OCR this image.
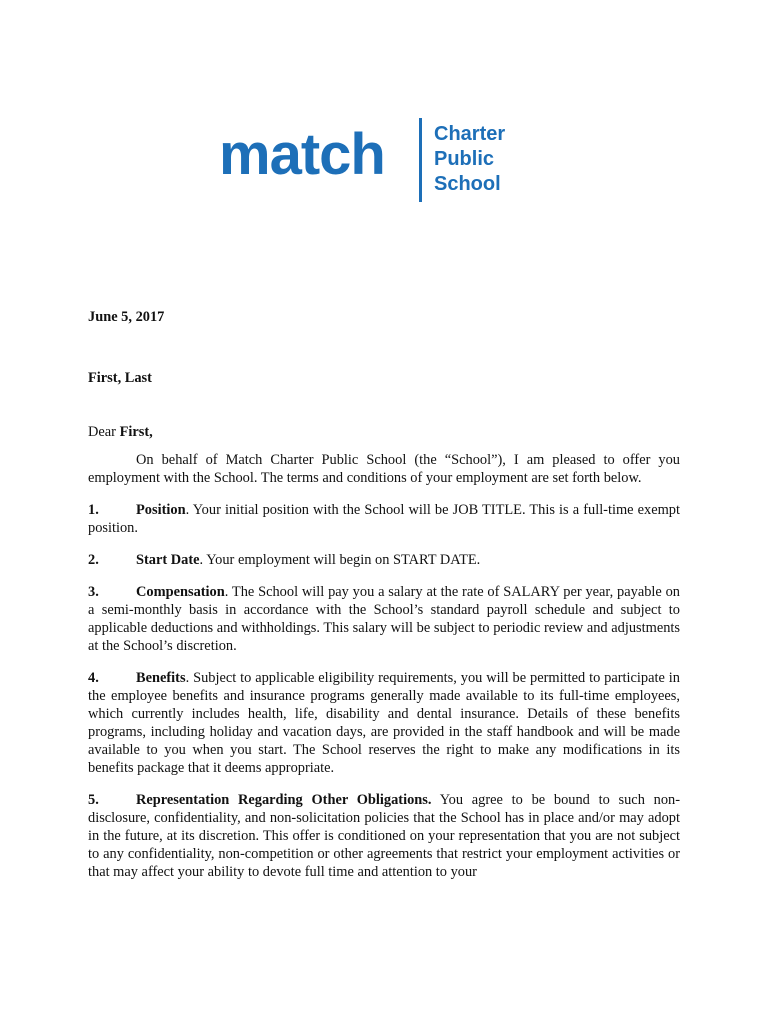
match Charter
Public
School

June 5, 2017

First, Last

Dear First,

On behalf of Match Charter Public School (the “School”), I am pleased to offer you employment with the School. The terms and conditions of your employment are set forth below.

1.	Position. Your initial position with the School will be JOB TITLE. This is a full-time exempt position.

2.	Start Date. Your employment will begin on START DATE.

3.	Compensation. The School will pay you a salary at the rate of SALARY per year, payable on a semi-monthly basis in accordance with the School’s standard payroll schedule and subject to applicable deductions and withholdings. This salary will be subject to periodic review and adjustments at the School’s discretion.

4.	Benefits. Subject to applicable eligibility requirements, you will be permitted to participate in the employee benefits and insurance programs generally made available to its full-time employees, which currently includes health, life, disability and dental insurance. Details of these benefits programs, including holiday and vacation days, are provided in the staff handbook and will be made available to you when you start. The School reserves the right to make any modifications in its benefits package that it deems appropriate.

5.	Representation Regarding Other Obligations. You agree to be bound to such non-disclosure, confidentiality, and non-solicitation policies that the School has in place and/or may adopt in the future, at its discretion. This offer is conditioned on your representation that you are not subject to any confidentiality, non-competition or other agreements that restrict your employment activities or that may affect your ability to devote full time and attention to your
